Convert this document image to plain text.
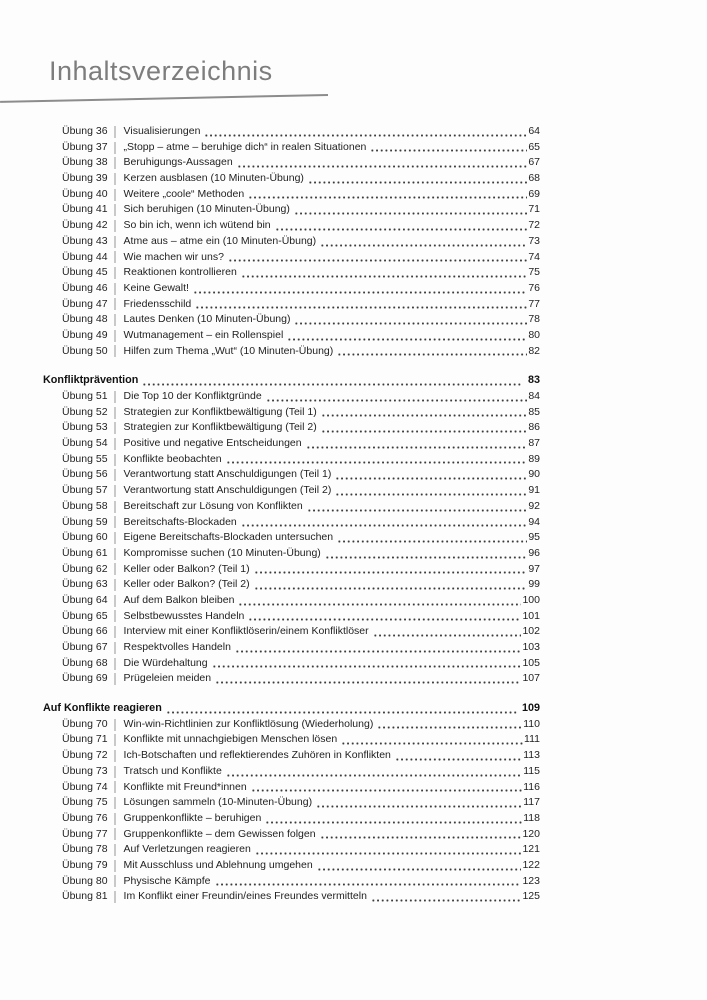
Inhaltsverzeichnis
Übung 36 Visualisierungen	64
Übung 37 „Stopp – atme – beruhige dich“ in realen Situationen	65
Übung 38 Beruhigungs-Aussagen	67
Übung 39 Kerzen ausblasen (10 Minuten-Übung)	68
Übung 40 Weitere „coole“ Methoden	69
Übung 41 Sich beruhigen (10 Minuten-Übung)	71
Übung 42 So bin ich, wenn ich wütend bin	72
Übung 43 Atme aus – atme ein (10 Minuten-Übung)	73
Übung 44 Wie machen wir uns?	74
Übung 45 Reaktionen kontrollieren	75
Übung 46 Keine Gewalt!	76
Übung 47 Friedensschild	77
Übung 48 Lautes Denken (10 Minuten-Übung)	78
Übung 49 Wutmanagement – ein Rollenspiel	80
Übung 50 Hilfen zum Thema „Wut“ (10 Minuten-Übung)	82
Konfliktprävention	83
Übung 51 Die Top 10 der Konfliktgründe	84
Übung 52 Strategien zur Konfliktbewältigung (Teil 1)	85
Übung 53 Strategien zur Konfliktbewältigung (Teil 2)	86
Übung 54 Positive und negative Entscheidungen	87
Übung 55 Konflikte beobachten	89
Übung 56 Verantwortung statt Anschuldigungen (Teil 1)	90
Übung 57 Verantwortung statt Anschuldigungen (Teil 2)	91
Übung 58 Bereitschaft zur Lösung von Konflikten	92
Übung 59 Bereitschafts-Blockaden	94
Übung 60 Eigene Bereitschafts-Blockaden untersuchen	95
Übung 61 Kompromisse suchen (10 Minuten-Übung)	96
Übung 62 Keller oder Balkon? (Teil 1)	97
Übung 63 Keller oder Balkon? (Teil 2)	99
Übung 64 Auf dem Balkon bleiben	100
Übung 65 Selbstbewusstes Handeln	101
Übung 66 Interview mit einer Konfliktlöserin/einem Konfliktlöser	102
Übung 67 Respektvolles Handeln	103
Übung 68 Die Würdehaltung	105
Übung 69 Prügeleien meiden	107
Auf Konflikte reagieren	109
Übung 70 Win-win-Richtlinien zur Konfliktlösung (Wiederholung)	110
Übung 71 Konflikte mit unnachgiebigen Menschen lösen	111
Übung 72 Ich-Botschaften und reflektierendes Zuhören in Konflikten	113
Übung 73 Tratsch und Konflikte	115
Übung 74 Konflikte mit Freund*innen	116
Übung 75 Lösungen sammeln (10-Minuten-Übung)	117
Übung 76 Gruppenkonflikte – beruhigen	118
Übung 77 Gruppenkonflikte – dem Gewissen folgen	120
Übung 78 Auf Verletzungen reagieren	121
Übung 79 Mit Ausschluss und Ablehnung umgehen	122
Übung 80 Physische Kämpfe	123
Übung 81 Im Konflikt einer Freundin/eines Freundes vermitteln	125
